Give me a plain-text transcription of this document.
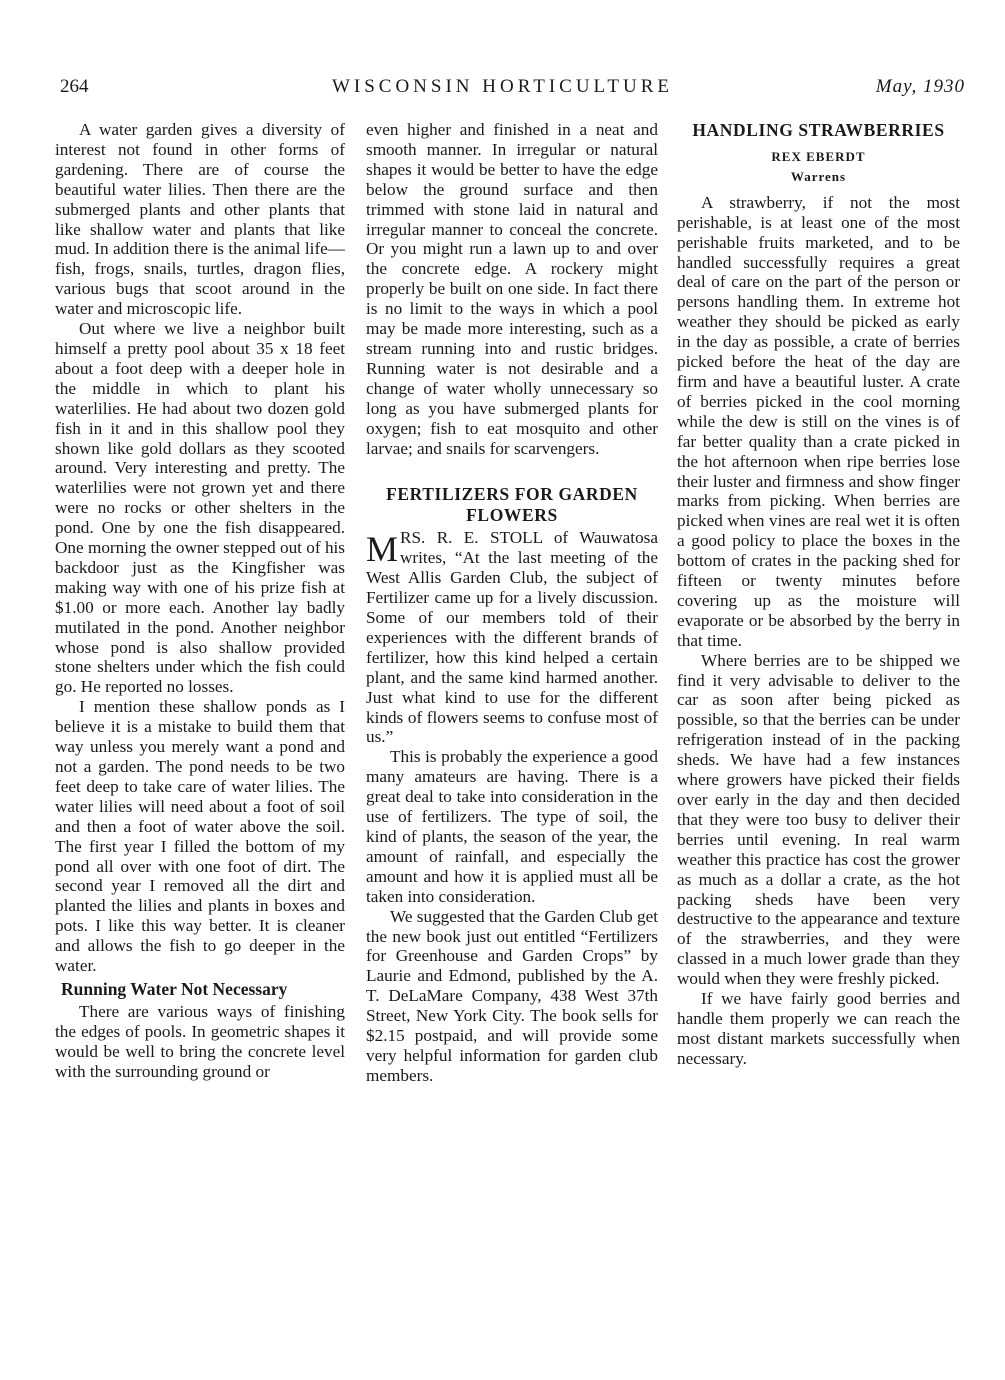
264	WISCONSIN HORTICULTURE	May, 1930

A water garden gives a diversity of interest not found in other forms of gardening. There are of course the beautiful water lilies. Then there are the submerged plants and other plants that like shallow water and plants that like mud. In addition there is the animal life—fish, frogs, snails, turtles, dragon flies, various bugs that scoot around in the water and microscopic life.

Out where we live a neighbor built himself a pretty pool about 35 x 18 feet about a foot deep with a deeper hole in the middle in which to plant his waterlilies. He had about two dozen gold fish in it and in this shallow pool they shown like gold dollars as they scooted around. Very interesting and pretty. The waterlilies were not grown yet and there were no rocks or other shelters in the pond. One by one the fish disappeared. One morning the owner stepped out of his backdoor just as the Kingfisher was making way with one of his prize fish at $1.00 or more each. Another lay badly mutilated in the pond. Another neighbor whose pond is also shallow provided stone shelters under which the fish could go. He reported no losses.

I mention these shallow ponds as I believe it is a mistake to build them that way unless you merely want a pond and not a garden. The pond needs to be two feet deep to take care of water lilies. The water lilies will need about a foot of soil and then a foot of water above the soil. The first year I filled the bottom of my pond all over with one foot of dirt. The second year I removed all the dirt and planted the lilies and plants in boxes and pots. I like this way better. It is cleaner and allows the fish to go deeper in the water.

Running Water Not Necessary

There are various ways of finishing the edges of pools. In geometric shapes it would be well to bring the concrete level with the surrounding ground or

even higher and finished in a neat and smooth manner. In irregular or natural shapes it would be better to have the edge below the ground surface and then trimmed with stone laid in natural and irregular manner to conceal the concrete. Or you might run a lawn up to and over the concrete edge. A rockery might properly be built on one side. In fact there is no limit to the ways in which a pool may be made more interesting, such as a stream running into and rustic bridges. Running water is not desirable and a change of water wholly unnecessary so long as you have submerged plants for oxygen; fish to eat mosquito and other larvae; and snails for scarvengers.

FERTILIZERS FOR GARDEN FLOWERS

MRS. R. E. STOLL of Wauwatosa writes, “At the last meeting of the West Allis Garden Club, the subject of Fertilizer came up for a lively discussion. Some of our members told of their experiences with the different brands of fertilizer, how this kind helped a certain plant, and the same kind harmed another. Just what kind to use for the different kinds of flowers seems to confuse most of us.”

This is probably the experience a good many amateurs are having. There is a great deal to take into consideration in the use of fertilizers. The type of soil, the kind of plants, the season of the year, the amount of rainfall, and especially the amount and how it is applied must all be taken into consideration.

We suggested that the Garden Club get the new book just out entitled “Fertilizers for Greenhouse and Garden Crops” by Laurie and Edmond, published by the A. T. DeLaMare Company, 438 West 37th Street, New York City. The book sells for $2.15 postpaid, and will provide some very helpful information for garden club members.

HANDLING STRAWBERRIES
REX EBERDT
Warrens

A strawberry, if not the most perishable, is at least one of the most perishable fruits marketed, and to be handled successfully requires a great deal of care on the part of the person or persons handling them. In extreme hot weather they should be picked as early in the day as possible, a crate of berries picked before the heat of the day are firm and have a beautiful luster. A crate of berries picked in the cool morning while the dew is still on the vines is of far better quality than a crate picked in the hot afternoon when ripe berries lose their luster and firmness and show finger marks from picking. When berries are picked when vines are real wet it is often a good policy to place the boxes in the bottom of crates in the packing shed for fifteen or twenty minutes before covering up as the moisture will evaporate or be absorbed by the berry in that time.

Where berries are to be shipped we find it very advisable to deliver to the car as soon after being picked as possible, so that the berries can be under refrigeration instead of in the packing sheds. We have had a few instances where growers have picked their fields over early in the day and then decided that they were too busy to deliver their berries until evening. In real warm weather this practice has cost the grower as much as a dollar a crate, as the hot packing sheds have been very destructive to the appearance and texture of the strawberries, and they were classed in a much lower grade than they would when they were freshly picked.

If we have fairly good berries and handle them properly we can reach the most distant markets successfully when necessary.
